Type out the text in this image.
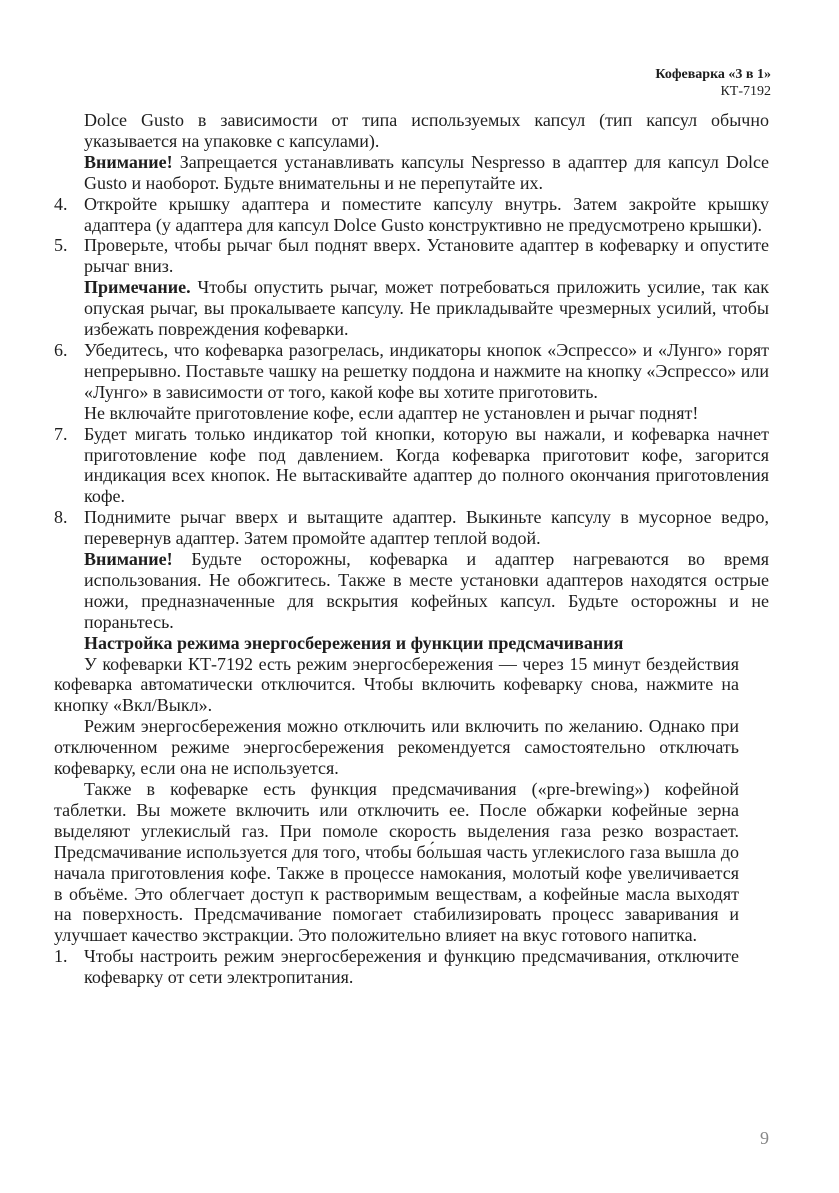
Кофеварка «3 в 1»
КТ-7192

Dolce Gusto в зависимости от типа используемых капсул (тип капсул обычно указывается на упаковке с капсулами).

Внимание! Запрещается устанавливать капсулы Nespresso в адаптер для капсул Dolce Gusto и наоборот. Будьте внимательны и не перепутайте их.

4. Откройте крышку адаптера и поместите капсулу внутрь. Затем закройте крышку адаптера (у адаптера для капсул Dolce Gusto конструктивно не предусмотрено крышки).

5. Проверьте, чтобы рычаг был поднят вверх. Установите адаптер в кофеварку и опустите рычаг вниз.

Примечание. Чтобы опустить рычаг, может потребоваться приложить усилие, так как опуская рычаг, вы прокалываете капсулу. Не прикладывайте чрезмерных усилий, чтобы избежать повреждения кофеварки.

6. Убедитесь, что кофеварка разогрелась, индикаторы кнопок «Эспрессо» и «Лунго» горят непрерывно. Поставьте чашку на решетку поддона и нажмите на кнопку «Эспрессо» или «Лунго» в зависимости от того, какой кофе вы хотите приготовить.

Не включайте приготовление кофе, если адаптер не установлен и рычаг поднят!

7. Будет мигать только индикатор той кнопки, которую вы нажали, и кофеварка начнет приготовление кофе под давлением. Когда кофеварка приготовит кофе, загорится индикация всех кнопок. Не вытаскивайте адаптер до полного окончания приготовления кофе.

8. Поднимите рычаг вверх и вытащите адаптер. Выкиньте капсулу в мусорное ведро, перевернув адаптер. Затем промойте адаптер теплой водой.

Внимание! Будьте осторожны, кофеварка и адаптер нагреваются во время использования. Не обожгитесь. Также в месте установки адаптеров находятся острые ножи, предназначенные для вскрытия кофейных капсул. Будьте осторожны и не пораньтесь.

Настройка режима энергосбережения и функции предсмачивания

У кофеварки КТ-7192 есть режим энергосбережения — через 15 минут бездействия кофеварка автоматически отключится. Чтобы включить кофеварку снова, нажмите на кнопку «Вкл/Выкл».

Режим энергосбережения можно отключить или включить по желанию. Однако при отключенном режиме энергосбережения рекомендуется самостоятельно отключать кофеварку, если она не используется.

Также в кофеварке есть функция предсмачивания («pre-brewing») кофейной таблетки. Вы можете включить или отключить ее. После обжарки кофейные зерна выделяют углекислый газ. При помоле скорость выделения газа резко возрастает. Предсмачивание используется для того, чтобы бо́льшая часть углекислого газа вышла до начала приготовления кофе. Также в процессе намокания, молотый кофе увеличивается в объёме. Это облегчает доступ к растворимым веществам, а кофейные масла выходят на поверхность. Предсмачивание помогает стабилизировать процесс заваривания и улучшает качество экстракции. Это положительно влияет на вкус готового напитка.

1. Чтобы настроить режим энергосбережения и функцию предсмачивания, отключите кофеварку от сети электропитания.

9
